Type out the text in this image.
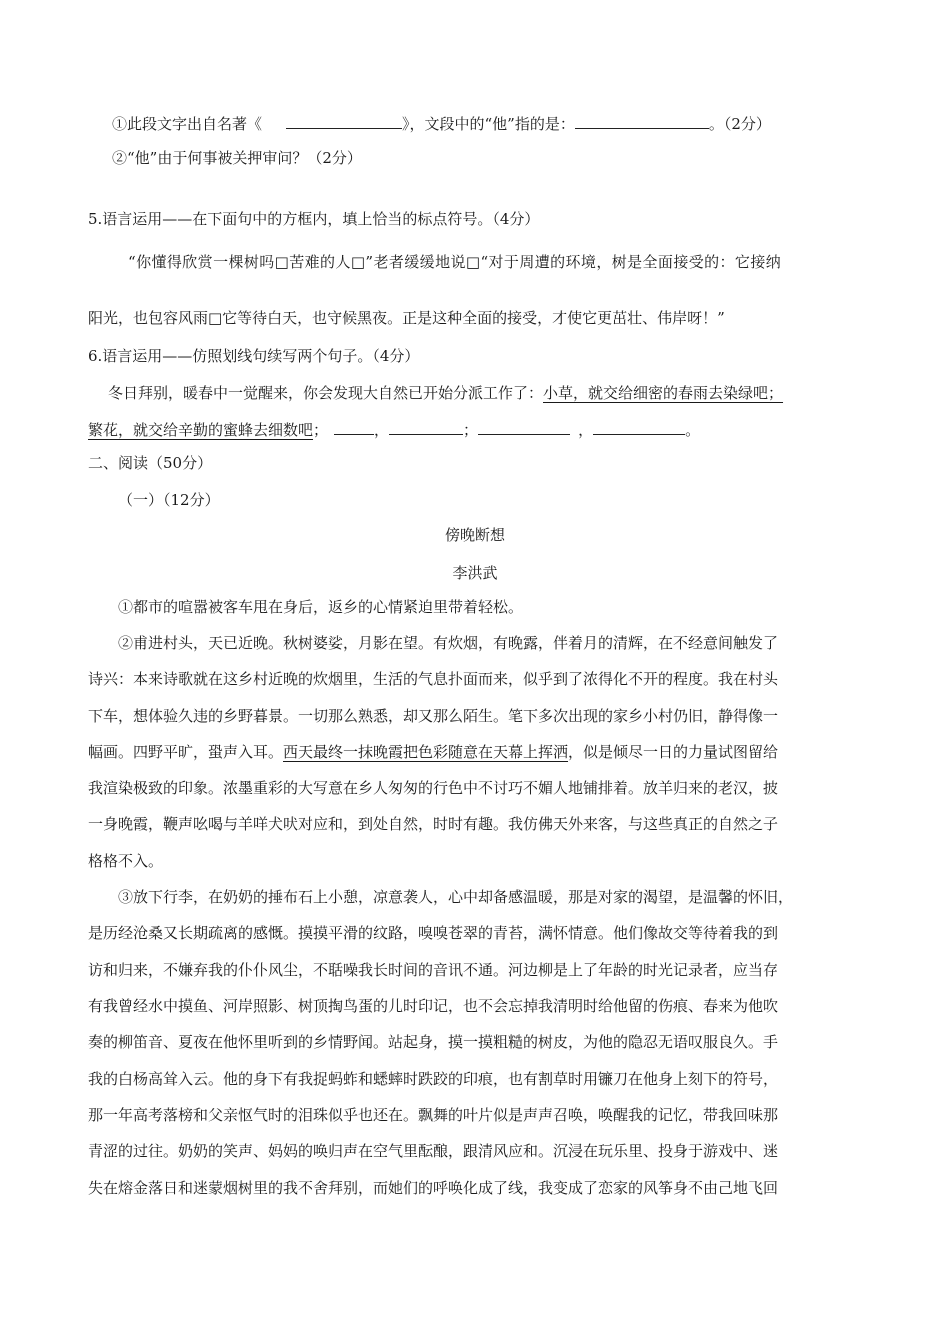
①此段文字出自名著《	》，文段中的“他”指的是：	。（2分）
②“他”由于何事被关押审问？（2分）
5.语言运用——在下面句中的方框内，填上恰当的标点符号。（4分）
“你懂得欣赏一棵树吗□苦难的人□”老者缓缓地说□“对于周遭的环境，树是全面接受的：它接纳
阳光，也包容风雨□它等待白天，也守候黑夜。正是这种全面的接受，才使它更茁壮、伟岸呀！”
6.语言运用——仿照划线句续写两个句子。（4分）
冬日拜别，暖春中一觉醒来，你会发现大自然已开始分派工作了：小草，就交给细密的春雨去染绿吧；
繁花，就交给辛勤的蜜蜂去细数吧；	，	；	，	。
二、阅读（50分）
（一）（12分）
傍晚断想
李洪武
①都市的喧嚣被客车甩在身后，返乡的心情紧迫里带着轻松。
②甫进村头，天已近晚。秋树婆娑，月影在望。有炊烟，有晚露，伴着月的清辉，在不经意间触发了
诗兴：本来诗歌就在这乡村近晚的炊烟里，生活的气息扑面而来，似乎到了浓得化不开的程度。我在村头
下车，想体验久违的乡野暮景。一切那么熟悉，却又那么陌生。笔下多次出现的家乡小村仍旧，静得像一
幅画。四野平旷，蛩声入耳。西天最终一抹晚霞把色彩随意在天幕上挥洒，似是倾尽一日的力量试图留给
我渲染极致的印象。浓墨重彩的大写意在乡人匆匆的行色中不讨巧不媚人地铺排着。放羊归来的老汉，披
一身晚霞，鞭声吆喝与羊咩犬吠对应和，到处自然，时时有趣。我仿佛天外来客，与这些真正的自然之子
格格不入。
③放下行李，在奶奶的捶布石上小憩，凉意袭人，心中却备感温暖，那是对家的渴望，是温馨的怀旧，
是历经沧桑又长期疏离的感慨。摸摸平滑的纹路，嗅嗅苍翠的青苔，满怀情意。他们像故交等待着我的到
访和归来，不嫌弃我的仆仆风尘，不聒噪我长时间的音讯不通。河边柳是上了年龄的时光记录者，应当存
有我曾经水中摸鱼、河岸照影、树顶掏鸟蛋的儿时印记，也不会忘掉我清明时给他留的伤痕、春来为他吹
奏的柳笛音、夏夜在他怀里听到的乡情野闻。站起身，摸一摸粗糙的树皮，为他的隐忍无语叹服良久。手
我的白杨高耸入云。他的身下有我捉蚂蚱和蟋蟀时跌跤的印痕，也有割草时用镰刀在他身上刻下的符号，
那一年高考落榜和父亲怄气时的泪珠似乎也还在。飘舞的叶片似是声声召唤，唤醒我的记忆，带我回味那
青涩的过往。奶奶的笑声、妈妈的唤归声在空气里酝酿，跟清风应和。沉浸在玩乐里、投身于游戏中、迷
失在熔金落日和迷蒙烟树里的我不舍拜别，而她们的呼唤化成了线，我变成了恋家的风筝身不由己地飞回
